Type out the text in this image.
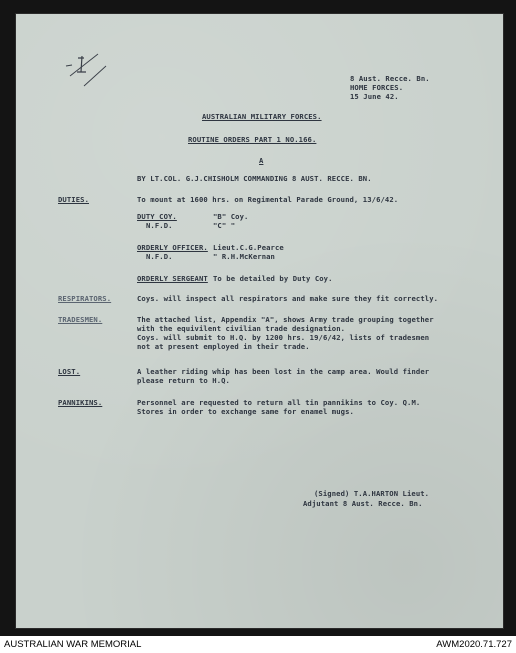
8 Aust. Recce. Bn.
HOME FORCES.
15 June 42.
AUSTRALIAN MILITARY FORCES.
ROUTINE ORDERS PART 1 NO.166.
A
BY LT.COL. G.J.CHISHOLM COMMANDING 8 AUST. RECCE. BN.
DUTIES.	To mount at 1600 hrs. on Regimental Parade Ground, 13/6/42.
DUTY COY.	"B" Coy.
N.F.D.	"C" "
ORDERLY OFFICER. Lieut.C.G.Pearce
N.F.D.	" R.H.McKernan
ORDERLY SERGEANT To be detailed by Duty Coy.
RESPIRATORS.	Coys. will inspect all respirators and make sure they fit correctly.
TRADESMEN.	The attached list, Appendix "A", shows Army trade grouping together
with the equivilent civilian trade designation.
Coys. will submit to H.Q. by 1200 hrs. 19/6/42, lists of tradesmen
not at present employed in their trade.
LOST.	A leather riding whip has been lost in the camp area. Would finder
please return to H.Q.
PANNIKINS.	Personnel are requested to return all tin pannikins to Coy. Q.M.
Stores in order to exchange same for enamel mugs.
(Signed) T.A.HARTON Lieut.
Adjutant 8 Aust. Recce. Bn.
AUSTRALIAN WAR MEMORIAL	AWM2020.71.727
